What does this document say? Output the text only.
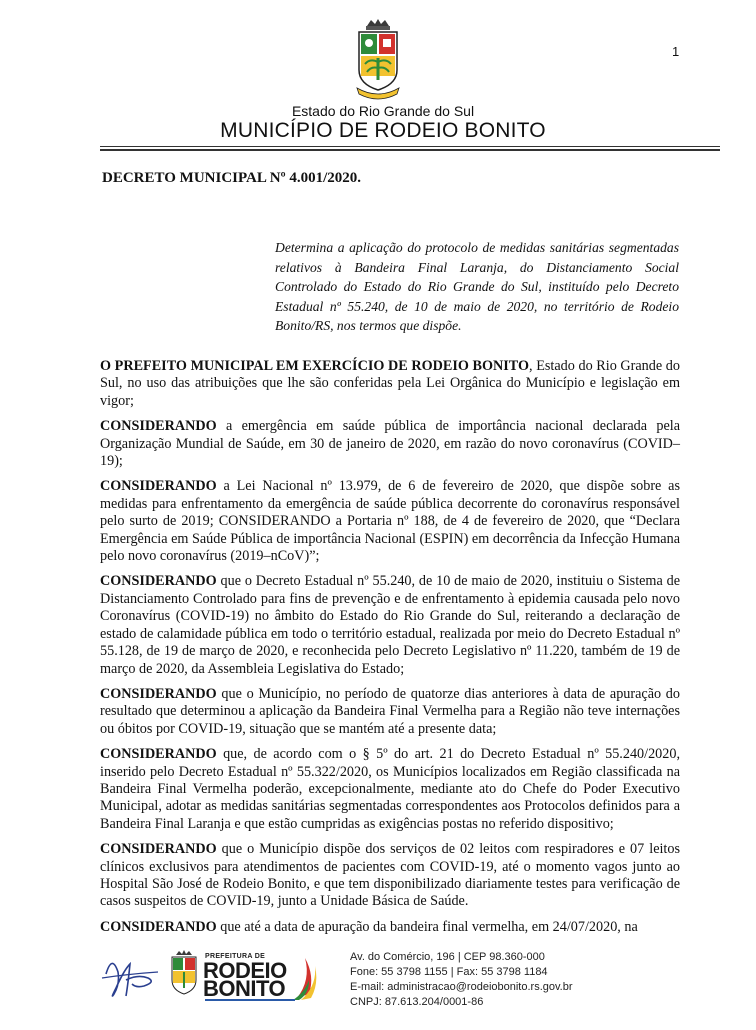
1
Estado do Rio Grande do Sul
MUNICÍPIO DE RODEIO BONITO
DECRETO MUNICIPAL Nº 4.001/2020.
Determina a aplicação do protocolo de medidas sanitárias segmentadas relativos à Bandeira Final Laranja, do Distanciamento Social Controlado do Estado do Rio Grande do Sul, instituído pelo Decreto Estadual nº 55.240, de 10 de maio de 2020, no território de Rodeio Bonito/RS, nos termos que dispõe.

O PREFEITO MUNICIPAL EM EXERCÍCIO DE RODEIO BONITO, Estado do Rio Grande do Sul, no uso das atribuições que lhe são conferidas pela Lei Orgânica do Município e legislação em vigor;

CONSIDERANDO a emergência em saúde pública de importância nacional declarada pela Organização Mundial de Saúde, em 30 de janeiro de 2020, em razão do novo coronavírus (COVID–19);

CONSIDERANDO a Lei Nacional nº 13.979, de 6 de fevereiro de 2020, que dispõe sobre as medidas para enfrentamento da emergência de saúde pública decorrente do coronavírus responsável pelo surto de 2019; CONSIDERANDO a Portaria nº 188, de 4 de fevereiro de 2020, que “Declara Emergência em Saúde Pública de importância Nacional (ESPIN) em decorrência da Infecção Humana pelo novo coronavírus (2019–nCoV)”;

CONSIDERANDO que o Decreto Estadual nº 55.240, de 10 de maio de 2020, instituiu o Sistema de Distanciamento Controlado para fins de prevenção e de enfrentamento à epidemia causada pelo novo Coronavírus (COVID-19) no âmbito do Estado do Rio Grande do Sul, reiterando a declaração de estado de calamidade pública em todo o território estadual, realizada por meio do Decreto Estadual nº 55.128, de 19 de março de 2020, e reconhecida pelo Decreto Legislativo nº 11.220, também de 19 de março de 2020, da Assembleia Legislativa do Estado;

CONSIDERANDO que o Município, no período de quatorze dias anteriores à data de apuração do resultado que determinou a aplicação da Bandeira Final Vermelha para a Região não teve internações ou óbitos por COVID-19, situação que se mantém até a presente data;

CONSIDERANDO que, de acordo com o § 5º do art. 21 do Decreto Estadual nº 55.240/2020, inserido pelo Decreto Estadual nº 55.322/2020, os Municípios localizados em Região classificada na Bandeira Final Vermelha poderão, excepcionalmente, mediante ato do Chefe do Poder Executivo Municipal, adotar as medidas sanitárias segmentadas correspondentes aos Protocolos definidos para a Bandeira Final Laranja e que estão cumpridas as exigências postas no referido dispositivo;

CONSIDERANDO que o Município dispõe dos serviços de 02 leitos com respiradores e 07 leitos clínicos exclusivos para atendimentos de pacientes com COVID-19, até o momento vagos junto ao Hospital São José de Rodeio Bonito, e que tem disponibilizado diariamente testes para verificação de casos suspeitos de COVID-19, junto a Unidade Básica de Saúde.

CONSIDERANDO que até a data de apuração da bandeira final vermelha, em 24/07/2020, na

PREFEITURA DE
RODEIO
BONITO
Av. do Comércio, 196 | CEP 98.360-000
Fone: 55 3798 1155 | Fax: 55 3798 1184
E-mail: administracao@rodeiobonito.rs.gov.br
CNPJ: 87.613.204/0001-86
